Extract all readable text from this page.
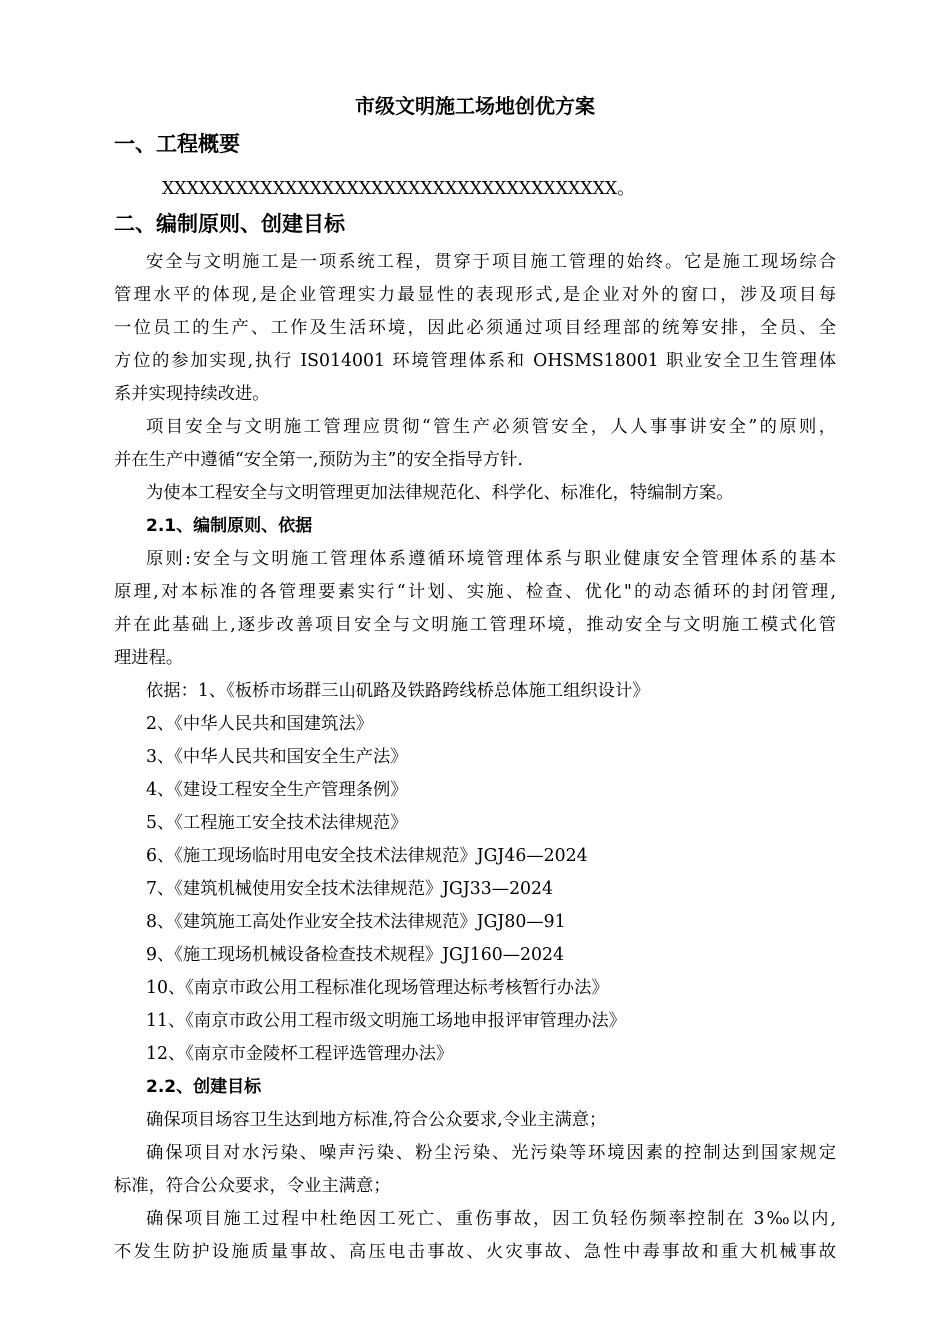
市级文明施工场地创优方案
一、工程概要
XXXXXXXXXXXXXXXXXXXXXXXXXXXXXXXXXXXXX。
二、编制原则、创建目标
安全与文明施工是一项系统工程，贯穿于项目施工管理的始终。它是施工现场综合
管理水平的体现,是企业管理实力最显性的表现形式,是企业对外的窗口，涉及项目每
一位员工的生产、工作及生活环境，因此必须通过项目经理部的统筹安排，全员、全
方位的参加实现,执行 IS014001 环境管理体系和 OHSMS18001 职业安全卫生管理体
系并实现持续改进。
项目安全与文明施工管理应贯彻“管生产必须管安全，人人事事讲安全”的原则，
并在生产中遵循“安全第一,预防为主”的安全指导方针.
为使本工程安全与文明管理更加法律规范化、科学化、标准化，特编制方案。
2.1、编制原则、依据
原则:安全与文明施工管理体系遵循环境管理体系与职业健康安全管理体系的基本
原理,对本标准的各管理要素实行“计划、实施、检查、优化"的动态循环的封闭管理,
并在此基础上,逐步改善项目安全与文明施工管理环境，推动安全与文明施工模式化管
理进程。
依据：1、《板桥市场群三山矶路及铁路跨线桥总体施工组织设计》
2、《中华人民共和国建筑法》
3、《中华人民共和国安全生产法》
4、《建设工程安全生产管理条例》
5、《工程施工安全技术法律规范》
6、《施工现场临时用电安全技术法律规范》JGJ46—2024
7、《建筑机械使用安全技术法律规范》JGJ33—2024
8、《建筑施工高处作业安全技术法律规范》JGJ80—91
9、《施工现场机械设备检查技术规程》JGJ160—2024
10、《南京市政公用工程标准化现场管理达标考核暂行办法》
11、《南京市政公用工程市级文明施工场地申报评审管理办法》
12、《南京市金陵杯工程评选管理办法》
2.2、创建目标
确保项目场容卫生达到地方标准,符合公众要求,令业主满意；
确保项目对水污染、噪声污染、粉尘污染、光污染等环境因素的控制达到国家规定
标准，符合公众要求，令业主满意；
确保项目施工过程中杜绝因工死亡、重伤事故，因工负轻伤频率控制在 3‰以内,
不发生防护设施质量事故、高压电击事故、火灾事故、急性中毒事故和重大机械事故
